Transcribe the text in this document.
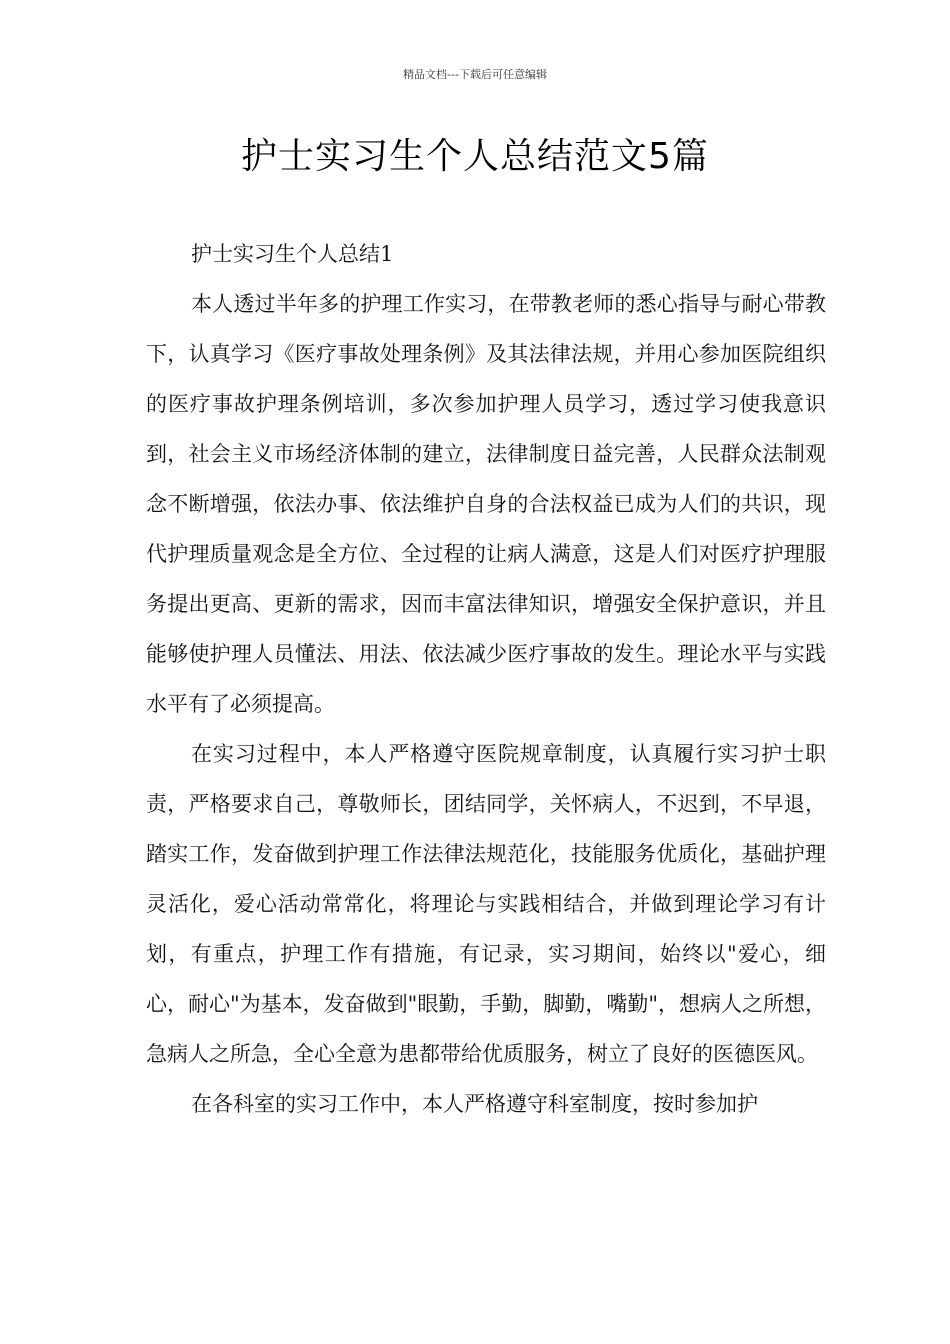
精品文档---下载后可任意编辑
护士实习生个人总结范文5篇

护士实习生个人总结1

本人透过半年多的护理工作实习，在带教老师的悉心指导与耐心带教下，认真学习《医疗事故处理条例》及其法律法规，并用心参加医院组织的医疗事故护理条例培训，多次参加护理人员学习，透过学习使我意识到，社会主义市场经济体制的建立，法律制度日益完善，人民群众法制观念不断增强，依法办事、依法维护自身的合法权益已成为人们的共识，现代护理质量观念是全方位、全过程的让病人满意，这是人们对医疗护理服务提出更高、更新的需求，因而丰富法律知识，增强安全保护意识，并且能够使护理人员懂法、用法、依法减少医疗事故的发生。理论水平与实践水平有了必须提高。

在实习过程中，本人严格遵守医院规章制度，认真履行实习护士职责，严格要求自己，尊敬师长，团结同学，关怀病人，不迟到，不早退，踏实工作，发奋做到护理工作法律法规范化，技能服务优质化，基础护理灵活化，爱心活动常常化，将理论与实践相结合，并做到理论学习有计划，有重点，护理工作有措施，有记录，实习期间，始终以"爱心，细心，耐心"为基本，发奋做到"眼勤，手勤，脚勤，嘴勤"，想病人之所想，急病人之所急，全心全意为患都带给优质服务，树立了良好的医德医风。

在各科室的实习工作中，本人严格遵守科室制度，按时参加护
